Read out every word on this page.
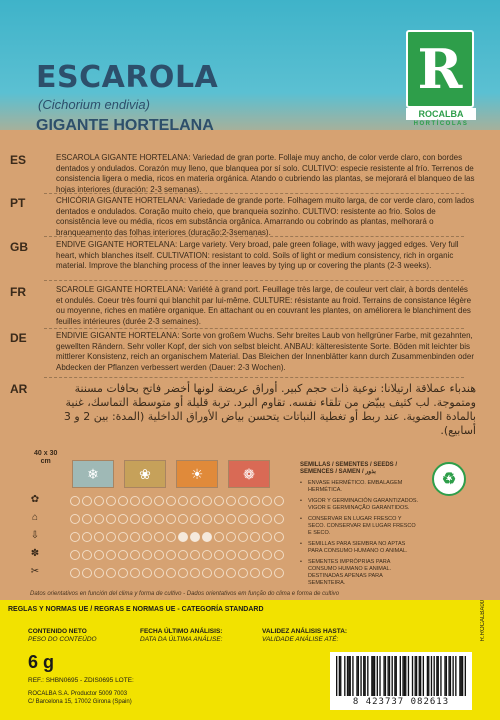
ESCAROLA
(Cichorium endivia)
GIGANTE HORTELANA
R
ROCALBA
HORTÍCOLAS
ES	ESCAROLA GIGANTE HORTELANA: Variedad de gran porte. Follaje muy ancho, de color verde claro, con bordes dentados y ondulados. Corazón muy lleno, que blanquea por sí solo. CULTIVO: especie resistente al frío. Terrenos de consistencia ligera o media, ricos en materia orgánica. Atando o cubriendo las plantas, se mejorará el blanqueo de las hojas interiores (duración: 2-3 semanas).
PT	CHICÓRIA GIGANTE HORTELANA: Variedade de grande porte. Folhagem muito larga, de cor verde claro, com lados dentados e ondulados. Coração muito cheio, que branqueia sozinho. CULTIVO: resistente ao frio. Solos de consistência leve ou média, ricos em substância orgânica. Amarrando ou cobrindo as plantas, melhorará o branqueamento das folhas interiores (duração:2-3semanas).
GB	ENDIVE GIGANTE HORTELANA: Large variety. Very broad, pale green foliage, with wavy jagged edges. Very full heart, which blanches itself. CULTIVATION: resistant to cold. Soils of light or medium consistency, rich in organic material. Improve the blanching process of the inner leaves by tying up or covering the plants (2-3 weeks).
FR	SCAROLE GIGANTE HORTELANA: Variété à grand port. Feuillage très large, de couleur vert clair, à bords dentelés et ondulés. Coeur très fourni qui blanchit par lui-même. CULTURE: résistante au froid. Terrains de consistance légère ou moyenne, riches en matière organique. En attachant ou en couvrant les plantes, on améliorera le blanchiment des feuilles intérieures (durée 2-3 semaines).
DE	ENDIVIE GIGANTE HORTELANA: Sorte von großem Wuchs. Sehr breites Laub von hellgrüner Farbe, mit gezahnten, gewellten Rändern. Sehr voller Kopf, der sich von selbst bleicht. ANBAU: kälteresistente Sorte. Böden mit leichter bis mittlerer Konsistenz, reich an organischem Material. Das Bleichen der Innenblätter kann durch Zusammenbinden oder Abdecken der Pflanzen verbessert werden (Dauer: 2-3 Wochen).
AR	هندباء عملاقة ارتيلانا: نوعية ذات حجم كبير. أوراق عريضة لونها أخضر فاتح بحافات مسننة ومتموجة. لب كثيف يبيّض من تلقاء نفسه. تقاوم البرد. تربة قليلة أو متوسطة التماسك، غنية بالمادة العضوية. عند ربط أو تغطية النباتات يتحسن بياض الأوراق الداخلية (المدة: بين 2 و 3 أسابيع).
40 x 30
cm
❄	❀	☀	❁
✿
⌂
⇩
✽
✂
SEMILLAS / SEMENTES / SEEDS / SEMENCES / SAMEN / بذور
• ENVASE HERMÉTICO. EMBALAGEM HERMÉTICA.
• VIGOR Y GERMINACIÓN GARANTIZADOS. VIGOR E GERMINAÇÃO GARANTIDOS.
• CONSERVAR EN LUGAR FRESCO Y SECO. CONSERVAR EM LUGAR FRESCO E SECO.
• SEMILLAS PARA SIEMBRA NO APTAS PARA CONSUMO HUMANO O ANIMAL.
• SEMENTES IMPRÓPRIAS PARA CONSUMO HUMANO E ANIMAL. DESTINADAS APENAS PARA SEMENTEIRA.
♻
Datos orientativos en función del clima y forma de cultivo - Dados orientativos em função do clima e forma de cultivo
REGLAS Y NORMAS UE / REGRAS E NORMAS UE - CATEGORÍA STANDARD
CONTENIDO NETO
PESO DO CONTEÚDO
FECHA ÚLTIMO ANÁLISIS:
DATA DA ÚLTIMA ANÁLISE:
VALIDEZ ANÁLISIS HASTA:
VALIDADE ANÁLISE ATÉ:
6 g
REF.: SHBN0695 - ZDIS0695 LOTE:
ROCALBA S.A. Productor 5009 7003
C/ Barcelona 15, 17002 Girona (Spain)	8 423737 082613
R.ROCALBA00
